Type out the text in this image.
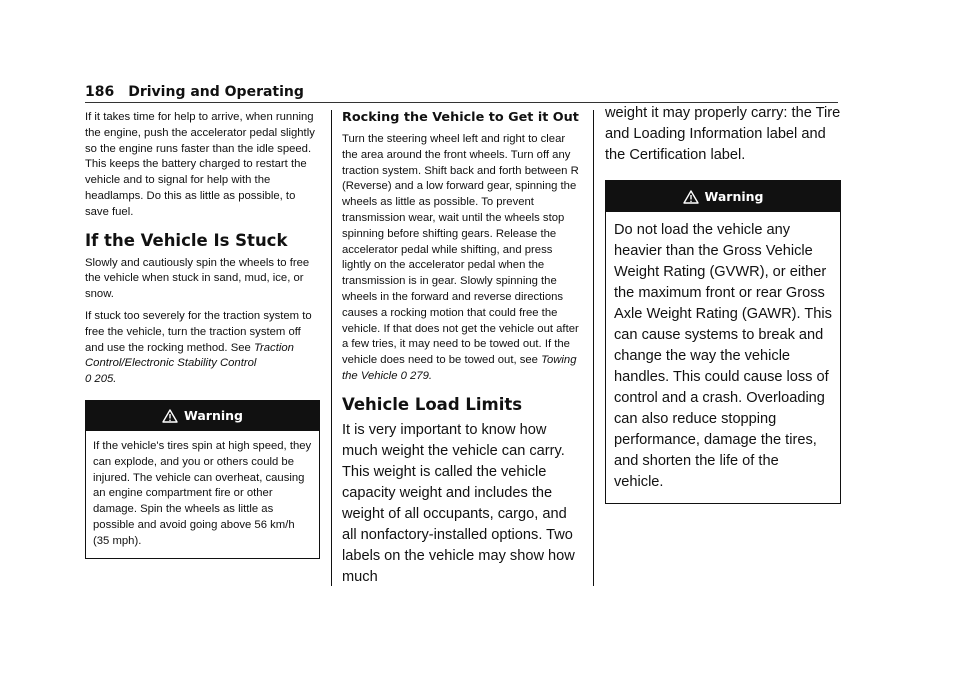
186 Driving and Operating

If it takes time for help to arrive, when running the engine, push the accelerator pedal slightly so the engine runs faster than the idle speed. This keeps the battery charged to restart the vehicle and to signal for help with the headlamps. Do this as little as possible, to save fuel.

If the Vehicle Is Stuck

Slowly and cautiously spin the wheels to free the vehicle when stuck in sand, mud, ice, or snow.

If stuck too severely for the traction system to free the vehicle, turn the traction system off and use the rocking method. See Traction Control/Electronic Stability Control
0 205.

Warning

If the vehicle's tires spin at high speed, they can explode, and you or others could be injured. The vehicle can overheat, causing an engine compartment fire or other damage. Spin the wheels as little as possible and avoid going above 56 km/h (35 mph).

Rocking the Vehicle to Get it Out

Turn the steering wheel left and right to clear the area around the front wheels. Turn off any traction system. Shift back and forth between R (Reverse) and a low forward gear, spinning the wheels as little as possible. To prevent transmission wear, wait until the wheels stop spinning before shifting gears. Release the accelerator pedal while shifting, and press lightly on the accelerator pedal when the transmission is in gear. Slowly spinning the wheels in the forward and reverse directions causes a rocking motion that could free the vehicle. If that does not get the vehicle out after a few tries, it may need to be towed out. If the vehicle does need to be towed out, see Towing the Vehicle 0 279.

Vehicle Load Limits

It is very important to know how much weight the vehicle can carry. This weight is called the vehicle capacity weight and includes the weight of all occupants, cargo, and all nonfactory-installed options. Two labels on the vehicle may show how much

weight it may properly carry: the Tire and Loading Information label and the Certification label.

Warning

Do not load the vehicle any heavier than the Gross Vehicle Weight Rating (GVWR), or either the maximum front or rear Gross Axle Weight Rating (GAWR). This can cause systems to break and change the way the vehicle handles. This could cause loss of control and a crash. Overloading can also reduce stopping performance, damage the tires, and shorten the life of the vehicle.
